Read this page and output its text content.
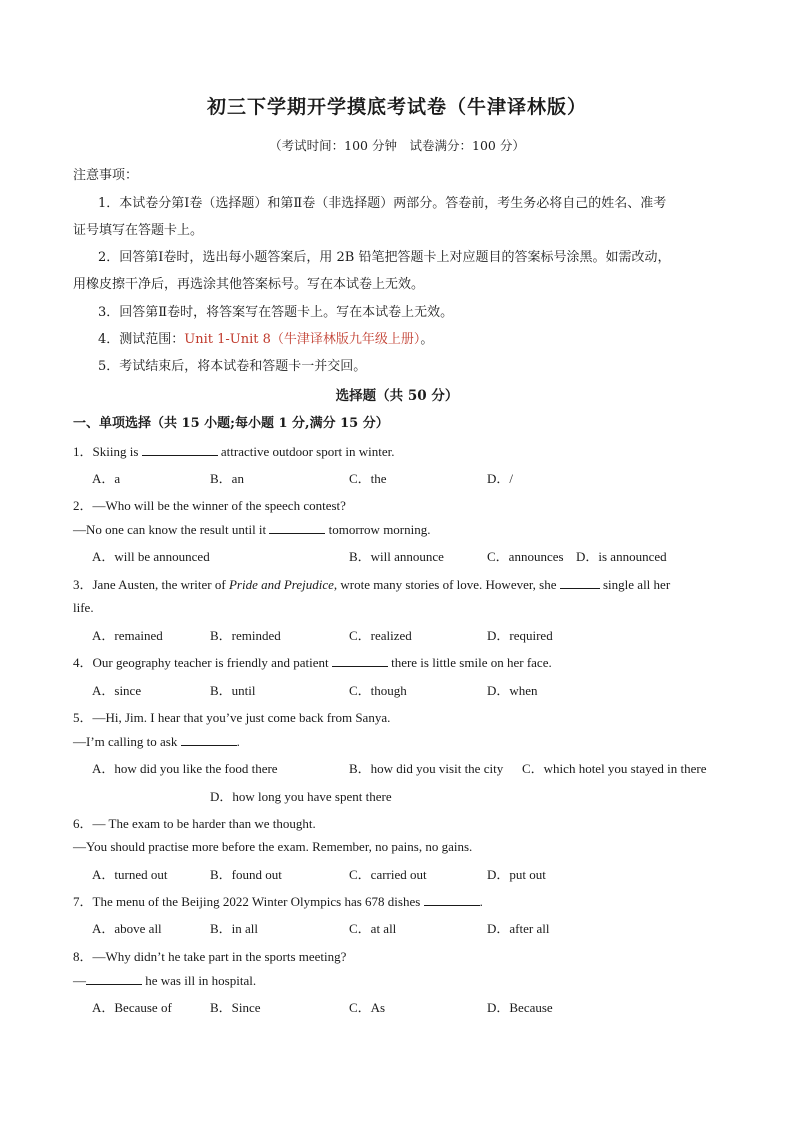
初三下学期开学摸底考试卷（牛津译林版）
（考试时间：100 分钟　试卷满分：100 分）
注意事项：
1．本试卷分第Ⅰ卷（选择题）和第Ⅱ卷（非选择题）两部分。答卷前，考生务必将自己的姓名、准考
证号填写在答题卡上。
2．回答第Ⅰ卷时，选出每小题答案后，用 2B 铅笔把答题卡上对应题目的答案标号涂黑。如需改动，
用橡皮擦干净后，再选涂其他答案标号。写在本试卷上无效。
3．回答第Ⅱ卷时，将答案写在答题卡上。写在本试卷上无效。
4．测试范围：Unit 1-Unit 8（牛津译林版九年级上册）。
5．考试结束后，将本试卷和答题卡一并交回。
选择题（共 50 分）
一、单项选择（共 15 小题;每小题 1 分,满分 15 分）
1．Skiing is	attractive outdoor sport in winter.
A．a	B．an	C．the	D．/
2．—Who will be the winner of the speech contest?
—No one can know the result until it	tomorrow morning.
A．will be announced	B．will announce	C．announces D．is announced
3．Jane Austen, the writer of Pride and Prejudice, wrote many stories of love. However, she	single all her
life.
A．remained	B．reminded	C．realized	D．required
4．Our geography teacher is friendly and patient	there is little smile on her face.
A．since	B．until	C．though	D．when
5．—Hi, Jim. I hear that you’ve just come back from Sanya.
—I’m calling to ask	.
A．how did you like the food there	B．how did you visit the city C．which hotel you stayed in there
D．how long you have spent there
6．— The exam to be harder than we thought.
—You should practise more before the exam. Remember, no pains, no gains.
A．turned out	B．found out	C．carried out	D．put out
7．The menu of the Beijing 2022 Winter Olympics has 678 dishes	.
A．above all	B．in all	C．at all	D．after all
8．—Why didn’t he take part in the sports meeting?
—	he was ill in hospital.
A．Because of	B．Since	C．As	D．Because
